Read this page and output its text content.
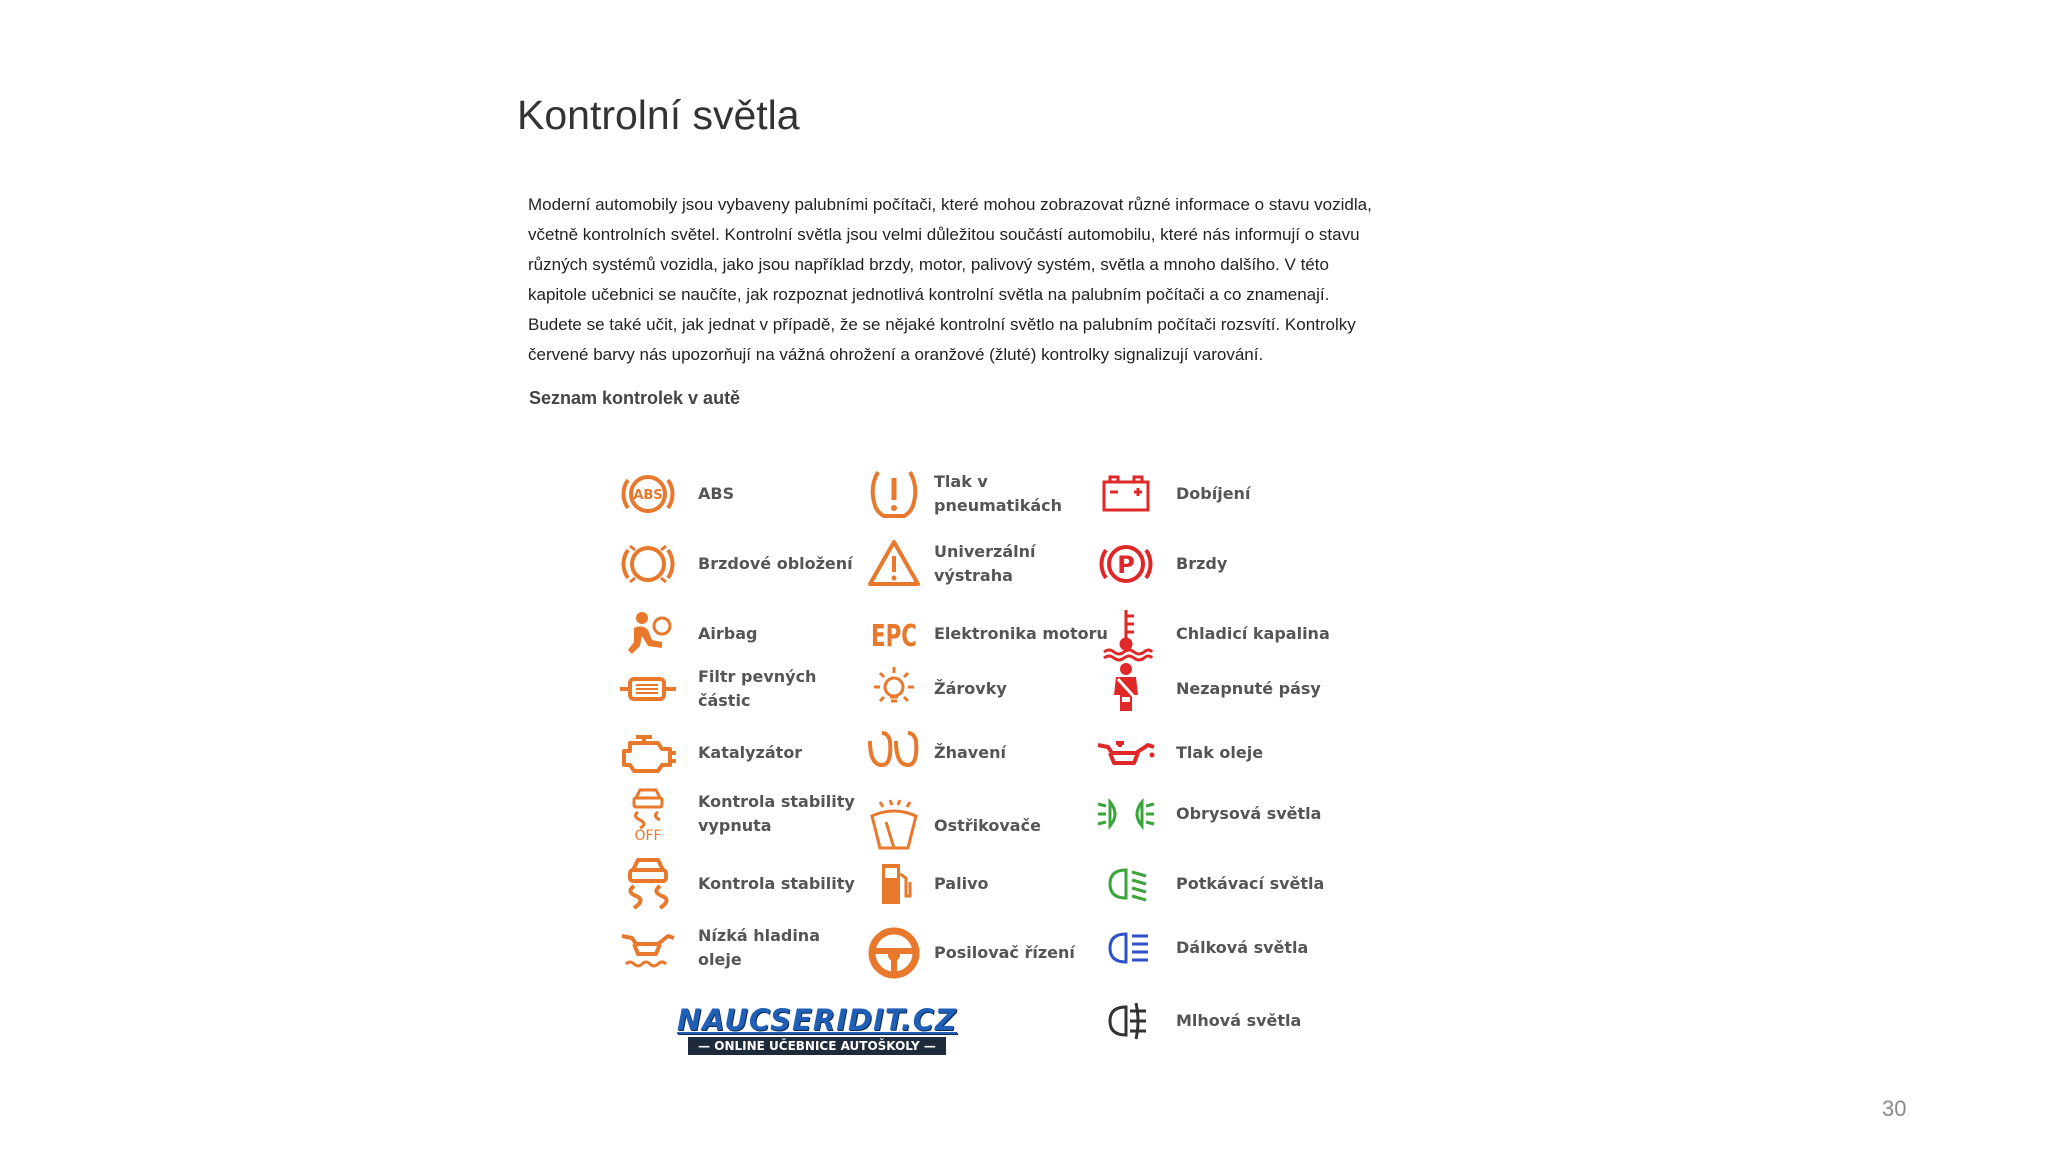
Kontrolní světla

Moderní automobily jsou vybaveny palubními počítači, které mohou zobrazovat různé informace o stavu vozidla,

včetně kontrolních světel. Kontrolní světla jsou velmi důležitou součástí automobilu, které nás informují o stavu

různých systémů vozidla, jako jsou například brzdy, motor, palivový systém, světla a mnoho dalšího. V této

kapitole učebnici se naučíte, jak rozpoznat jednotlivá kontrolní světla na palubním počítači a co znamenají.

Budete se také učit, jak jednat v případě, že se nějaké kontrolní světlo na palubním počítači rozsvítí. Kontrolky

červené barvy nás upozorňují na vážná ohrožení a oranžové (žluté) kontrolky signalizují varování.

Seznam kontrolek v autě
ABS ABS
Brzdové obložení
Airbag
Filtr pevných částic
Katalyzátor
OFF
Kontrola stability vypnuta
Kontrola stability
Nízká hladina oleje
Tlak v pneumatikách
Univerzální výstraha
EPC Elektronika motoru
Žárovky
Žhavení
Ostřikovače
Palivo
Posilovač řízení
Dobíjení
P	Brzdy
Chladicí kapalina
Nezapnuté pásy
Tlak oleje
Obrysová světla
Potkávací světla
Dálková světla
Mlhová světla
NAUCSERIDIT.CZ
— ONLINE UČEBNICE AUTOŠKOLY —
30
